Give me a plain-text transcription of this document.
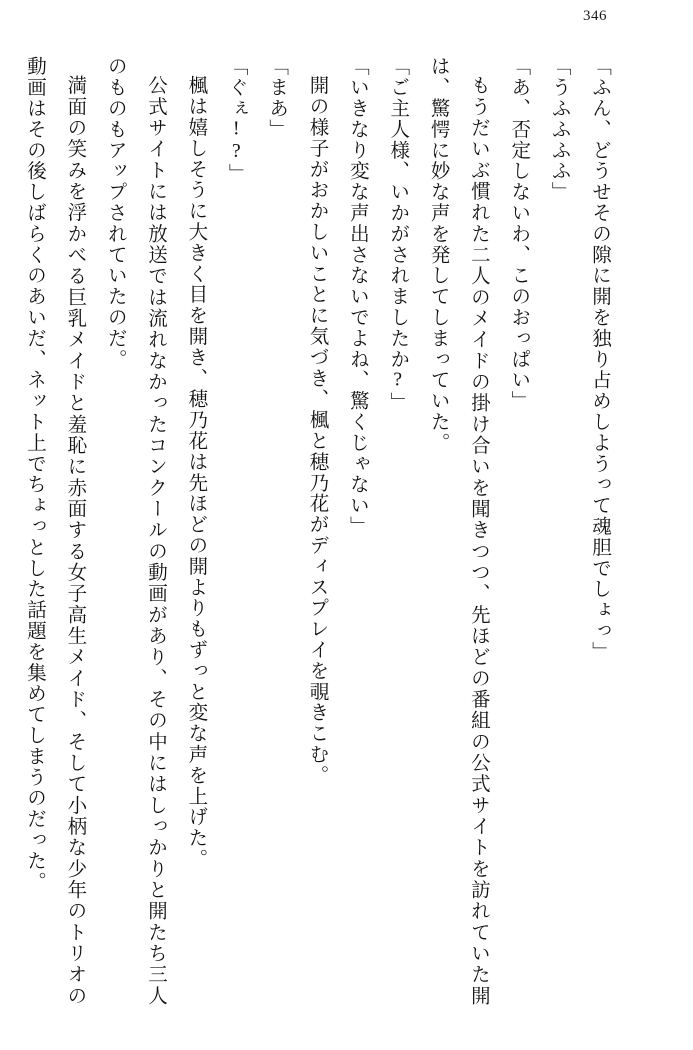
346

「ふん、どうせその隙に開を独り占めしようって魂胆でしょっ」

「うふふふふ」

「あ、否定しないわ、このおっぱい」

もうだいぶ慣れた二人のメイドの掛け合いを聞きつつ、先ほどの番組の公式サイトを訪れていた開は、驚愕に妙な声を発してしまっていた。

「ご主人様、いかがされましたか?」

「いきなり変な声出さないでよね、驚くじゃない」

開の様子がおかしいことに気づき、楓と穂乃花がディスプレイを覗きこむ。

「まあ」

「ぐぇ!?」

楓は嬉しそうに大きく目を開き、穂乃花は先ほどの開よりもずっと変な声を上げた。

公式サイトには放送では流れなかったコンクールの動画があり、その中にはしっかりと開たち三人のものもアップされていたのだ。

満面の笑みを浮かべる巨乳メイドと羞恥に赤面する女子高生メイド、そして小柄な少年のトリオの動画はその後しばらくのあいだ、ネット上でちょっとした話題を集めてしまうのだった。
